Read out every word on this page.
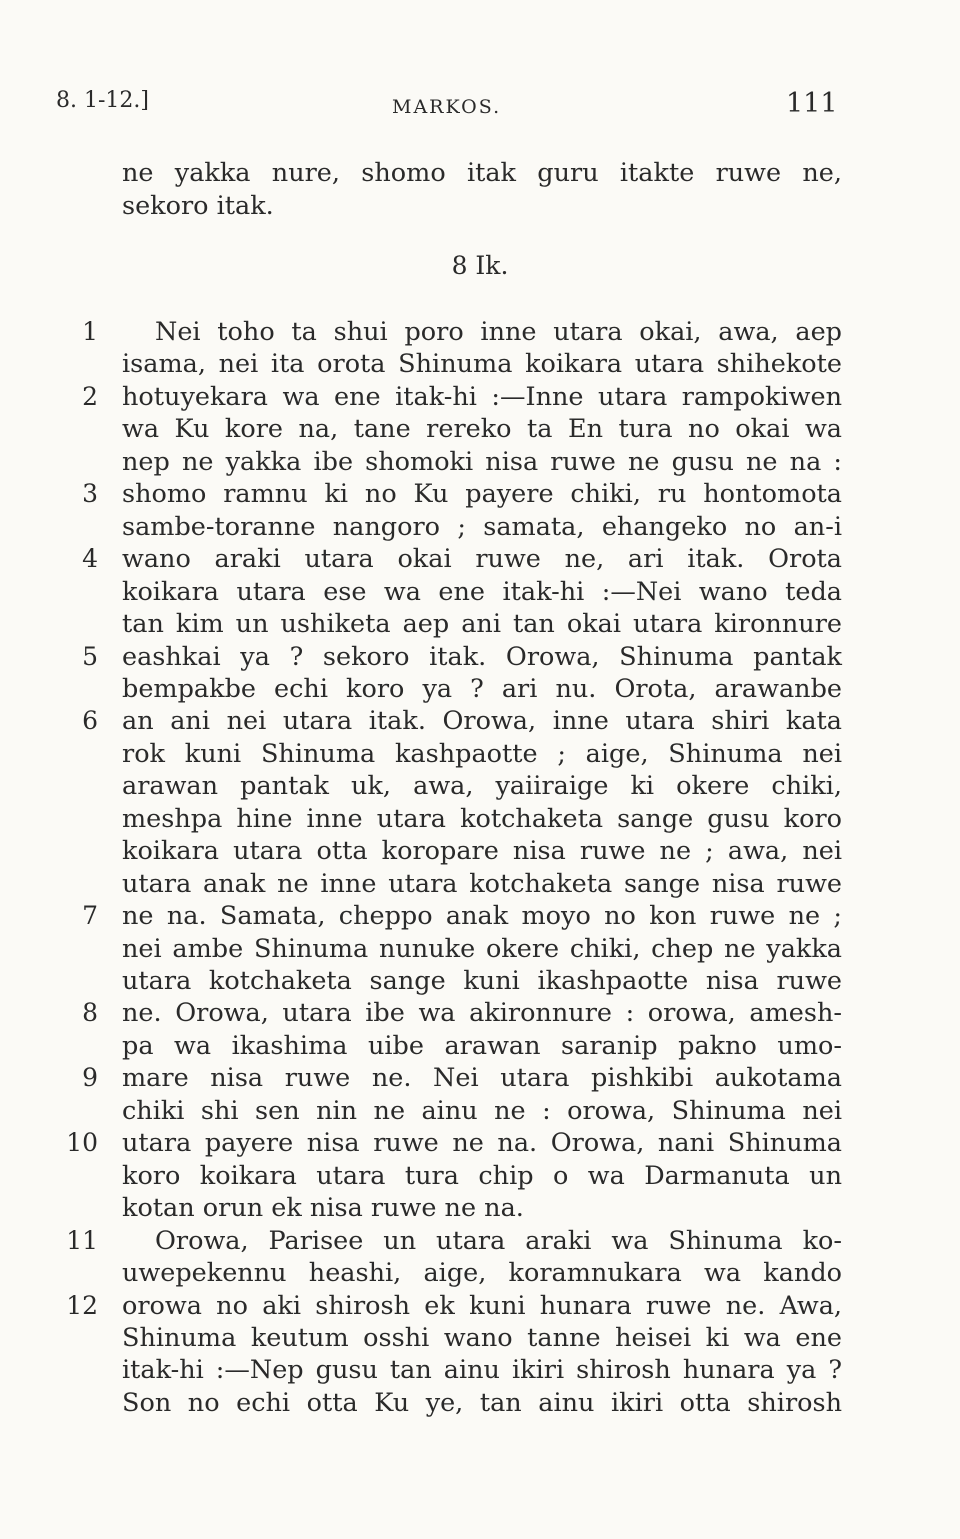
8. 1-12.]	MARKOS.	111
8 Ik.
ne yakka nure, shomo itak guru itakte ruwe ne,
sekoro itak.
1 Nei toho ta shui poro inne utara okai, awa, aep
isama, nei ita orota Shinuma koikara utara shihekote
2 hotuyekara wa ene itak-hi :—Inne utara rampokiwen
wa Ku kore na, tane rereko ta En tura no okai wa
nep ne yakka ibe shomoki nisa ruwe ne gusu ne na :
3 shomo ramnu ki no Ku payere chiki, ru hontomota
sambe-toranne nangoro ; samata, ehangeko no an-i
4 wano araki utara okai ruwe ne, ari itak. Orota
koikara utara ese wa ene itak-hi :—Nei wano teda
tan kim un ushiketa aep ani tan okai utara kironnure
5 eashkai ya ? sekoro itak. Orowa, Shinuma pantak
bempakbe echi koro ya ? ari nu. Orota, arawanbe
6 an ani nei utara itak. Orowa, inne utara shiri kata
rok kuni Shinuma kashpaotte ; aige, Shinuma nei
arawan pantak uk, awa, yaiiraige ki okere chiki,
meshpa hine inne utara kotchaketa sange gusu koro
koikara utara otta koropare nisa ruwe ne ; awa, nei
utara anak ne inne utara kotchaketa sange nisa ruwe
7 ne na. Samata, cheppo anak moyo no kon ruwe ne ;
nei ambe Shinuma nunuke okere chiki, chep ne yakka
utara kotchaketa sange kuni ikashpaotte nisa ruwe
8 ne. Orowa, utara ibe wa akironnure : orowa, amesh-
pa wa ikashima uibe arawan saranip pakno umo-
9 mare nisa ruwe ne. Nei utara pishkibi aukotama
chiki shi sen nin ne ainu ne : orowa, Shinuma nei
10 utara payere nisa ruwe ne na. Orowa, nani Shinuma
koro koikara utara tura chip o wa Darmanuta un
kotan orun ek nisa ruwe ne na.
11 Orowa, Parisee un utara araki wa Shinuma ko-
uwepekennu heashi, aige, koramnukara wa kando
12 orowa no aki shirosh ek kuni hunara ruwe ne. Awa,
Shinuma keutum osshi wano tanne heisei ki wa ene
itak-hi :—Nep gusu tan ainu ikiri shirosh hunara ya ?
Son no echi otta Ku ye, tan ainu ikiri otta shirosh
